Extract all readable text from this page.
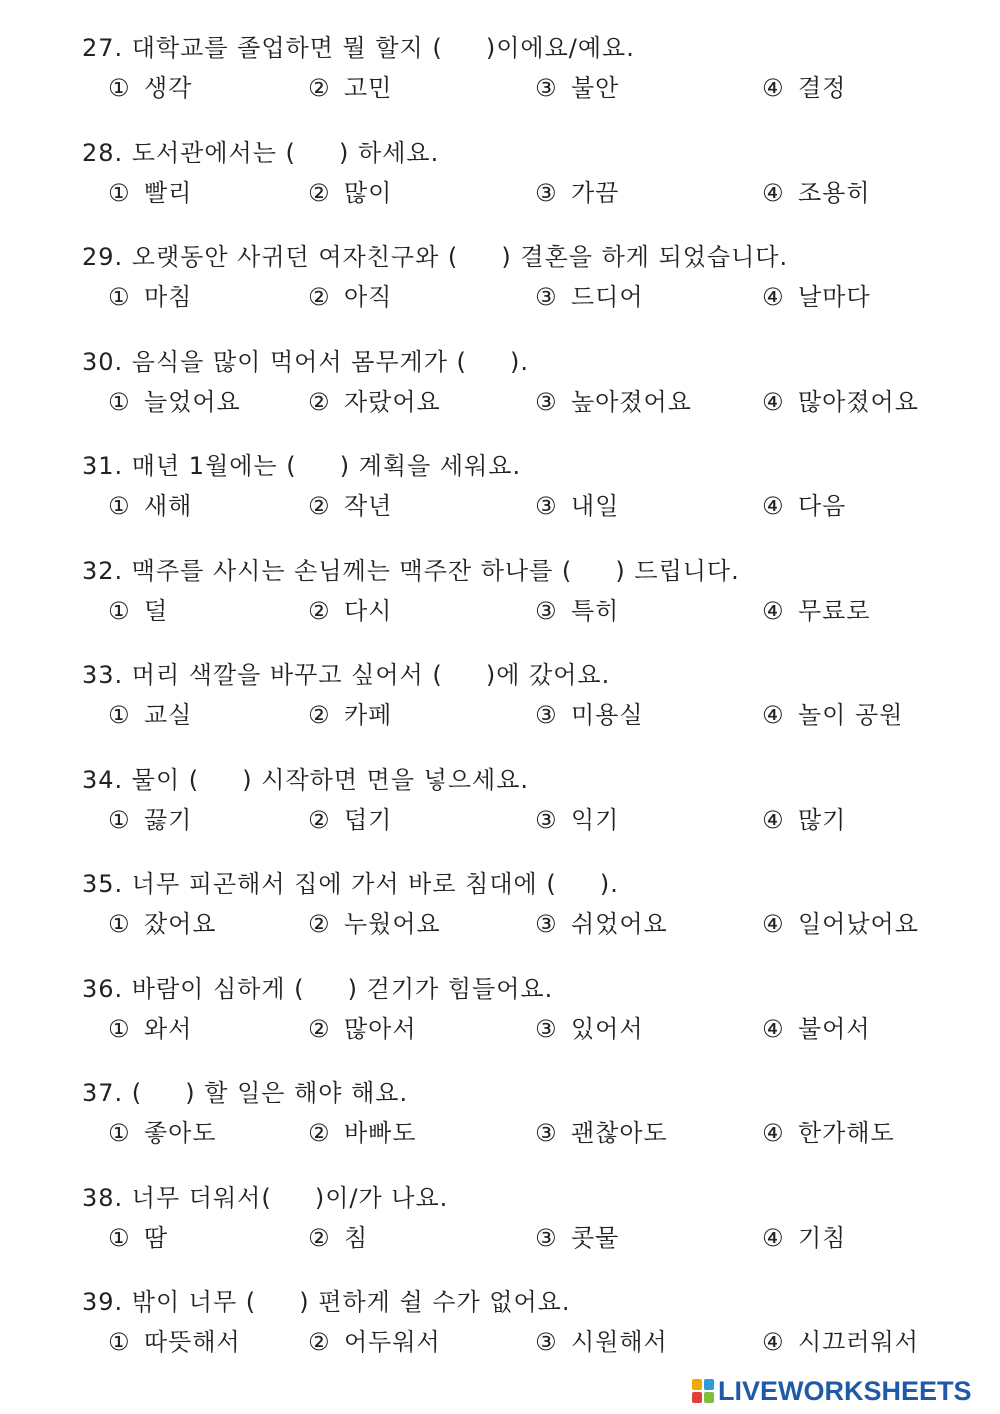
27. 대학교를 졸업하면 뭘 할지 (     )이에요/예요.
① 생각	② 고민	③ 불안	④ 결정
28. 도서관에서는 (     ) 하세요.
① 빨리	② 많이	③ 가끔	④ 조용히
29. 오랫동안 사귀던 여자친구와 (     ) 결혼을 하게 되었습니다.
① 마침	② 아직	③ 드디어	④ 날마다
30. 음식을 많이 먹어서 몸무게가 (     ).
① 늘었어요	② 자랐어요	③ 높아졌어요	④ 많아졌어요
31. 매년 1월에는 (     ) 계획을 세워요.
① 새해	② 작년	③ 내일	④ 다음
32. 맥주를 사시는 손님께는 맥주잔 하나를 (     ) 드립니다.
① 덜	② 다시	③ 특히	④ 무료로
33. 머리 색깔을 바꾸고 싶어서 (     )에 갔어요.
① 교실	② 카페	③ 미용실	④ 놀이 공원
34. 물이 (     ) 시작하면 면을 넣으세요.
① 끓기	② 덥기	③ 익기	④ 많기
35. 너무 피곤해서 집에 가서 바로 침대에 (     ).
① 잤어요	② 누웠어요	③ 쉬었어요	④ 일어났어요
36. 바람이 심하게 (     ) 걷기가 힘들어요.
① 와서	② 많아서	③ 있어서	④ 불어서
37. (     ) 할 일은 해야 해요.
① 좋아도	② 바빠도	③ 괜찮아도	④ 한가해도
38. 너무 더워서(     )이/가 나요.
① 땀	② 침	③ 콧물	④ 기침
39. 밖이 너무 (     ) 편하게 쉴 수가 없어요.
① 따뜻해서	② 어두워서	③ 시원해서	④ 시끄러워서
LIVEWORKSHEETS
